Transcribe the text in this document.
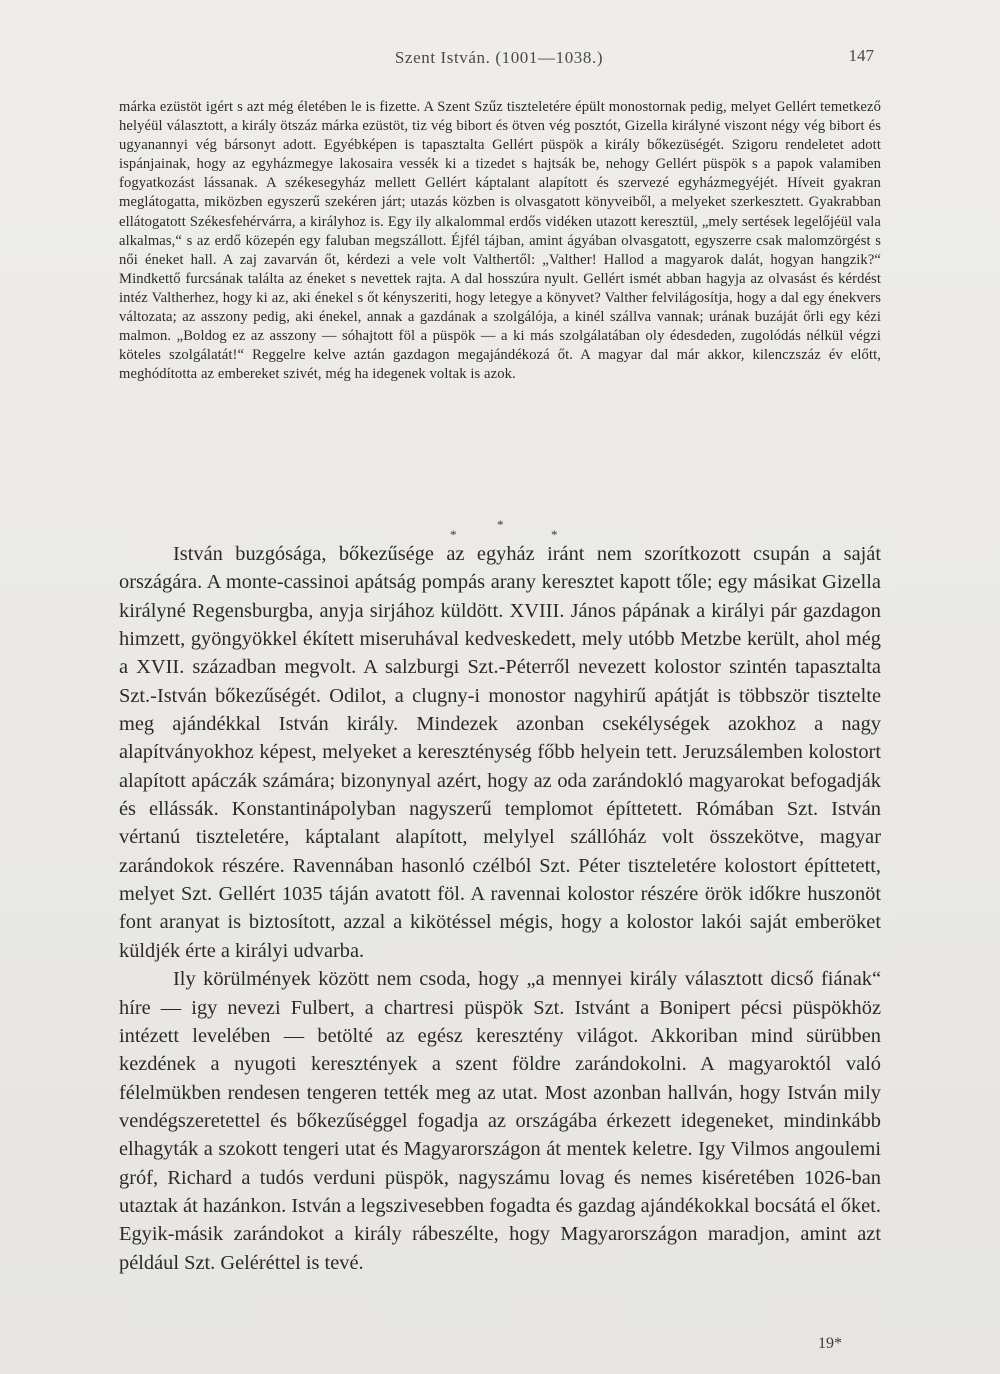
Szent István. (1001—1038.)	147

márka ezüstöt igért s azt még életében le is fizette. A Szent Szűz tiszteletére épült monostornak pedig, melyet Gellért temetkező helyéül választott, a király ötszáz márka ezüstöt, tiz vég bibort és ötven vég posztót, Gizella királyné viszont négy vég bibort és ugyanannyi vég bársonyt adott. Egyébképen is tapasztalta Gellért püspök a király bőkezüségét. Szigoru rendeletet adott ispánjainak, hogy az egyházmegye lakosaira vessék ki a tizedet s hajtsák be, nehogy Gellért püspök s a papok valamiben fogyatkozást lássanak. A székesegyház mellett Gellért káptalant alapított és szervezé egyházmegyéjét. Híveit gyakran meglátogatta, miközben egyszerű szekéren járt; utazás közben is olvasgatott könyveiből, a melyeket szerkesztett. Gyakrabban ellátogatott Székesfehérvárra, a királyhoz is. Egy ily alkalommal erdős vidéken utazott keresztül, „mely sertések legelőjéül vala alkalmas,“ s az erdő közepén egy faluban megszállott. Éjfél tájban, amint ágyában olvasgatott, egyszerre csak malomzörgést s női éneket hall. A zaj zavarván őt, kérdezi a vele volt Valthertől: „Valther! Hallod a magyarok dalát, hogyan hangzik?“ Mindkettő furcsának találta az éneket s nevettek rajta. A dal hosszúra nyult. Gellért ismét abban hagyja az olvasást és kérdést intéz Valtherhez, hogy ki az, aki énekel s őt kényszeriti, hogy letegye a könyvet? Valther felvilágosítja, hogy a dal egy énekvers változata; az asszony pedig, aki énekel, annak a gazdának a szolgálója, a kinél szállva vannak; urának buzáját őrli egy kézi malmon. „Boldog ez az asszony — sóhajtott föl a püspök — a ki más szolgálatában oly édesdeden, zugolódás nélkül végzi köteles szolgálatát!“ Reggelre kelve aztán gazdagon megajándékozá őt. A magyar dal már akkor, kilenczszáz év előtt, meghódította az embereket szivét, még ha idegenek voltak is azok.

*
*	*

István buzgósága, bőkezűsége az egyház iránt nem szorítkozott csupán a saját országára. A monte-cassinoi apátság pompás arany keresztet kapott tőle; egy másikat Gizella királyné Regensburgba, anyja sirjához küldött. XVIII. János pápának a királyi pár gazdagon himzett, gyöngyökkel ékített miseruhával kedveskedett, mely utóbb Metzbe került, ahol még a XVII. században megvolt. A salzburgi Szt.-Péterről nevezett kolostor szintén tapasztalta Szt.-István bőkezűségét. Odilot, a clugny-i monostor nagyhirű apátját is többször tisztelte meg ajándékkal István király. Mindezek azonban csekélységek azokhoz a nagy alapítványokhoz képest, melyeket a kereszténység főbb helyein tett. Jeruzsálemben kolostort alapított apáczák számára; bizonynyal azért, hogy az oda zarándokló magyarokat befogadják és ellássák. Konstantinápolyban nagyszerű templomot építtetett. Rómában Szt. István vértanú tiszteletére, káptalant alapított, melylyel szállóház volt összekötve, magyar zarándokok részére. Ravennában hasonló czélból Szt. Péter tiszteletére kolostort építtetett, melyet Szt. Gellért 1035 táján avatott föl. A ravennai kolostor részére örök időkre huszonöt font aranyat is biztosított, azzal a kikötéssel mégis, hogy a kolostor lakói saját emberöket küldjék érte a királyi udvarba.

Ily körülmények között nem csoda, hogy „a mennyei király választott dicső fiának“ híre — igy nevezi Fulbert, a chartresi püspök Szt. Istvánt a Bonipert pécsi püspökhöz intézett levelében — betölté az egész keresztény világot. Akkoriban mind sürübben kezdének a nyugoti keresztények a szent földre zarándokolni. A magyaroktól való félelmükben rendesen tengeren tették meg az utat. Most azonban hallván, hogy István mily vendégszeretettel és bőkezűséggel fogadja az országába érkezett idegeneket, mindinkább elhagyták a szokott tengeri utat és Magyarországon át mentek keletre. Igy Vilmos angoulemi gróf, Richard a tudós verduni püspök, nagyszámu lovag és nemes kiséretében 1026-ban utaztak át hazánkon. István a legszivesebben fogadta és gazdag ajándékokkal bocsátá el őket. Egyik-másik zarándokot a király rábeszélte, hogy Magyarországon maradjon, amint azt például Szt. Geléréttel is tevé.

19*
